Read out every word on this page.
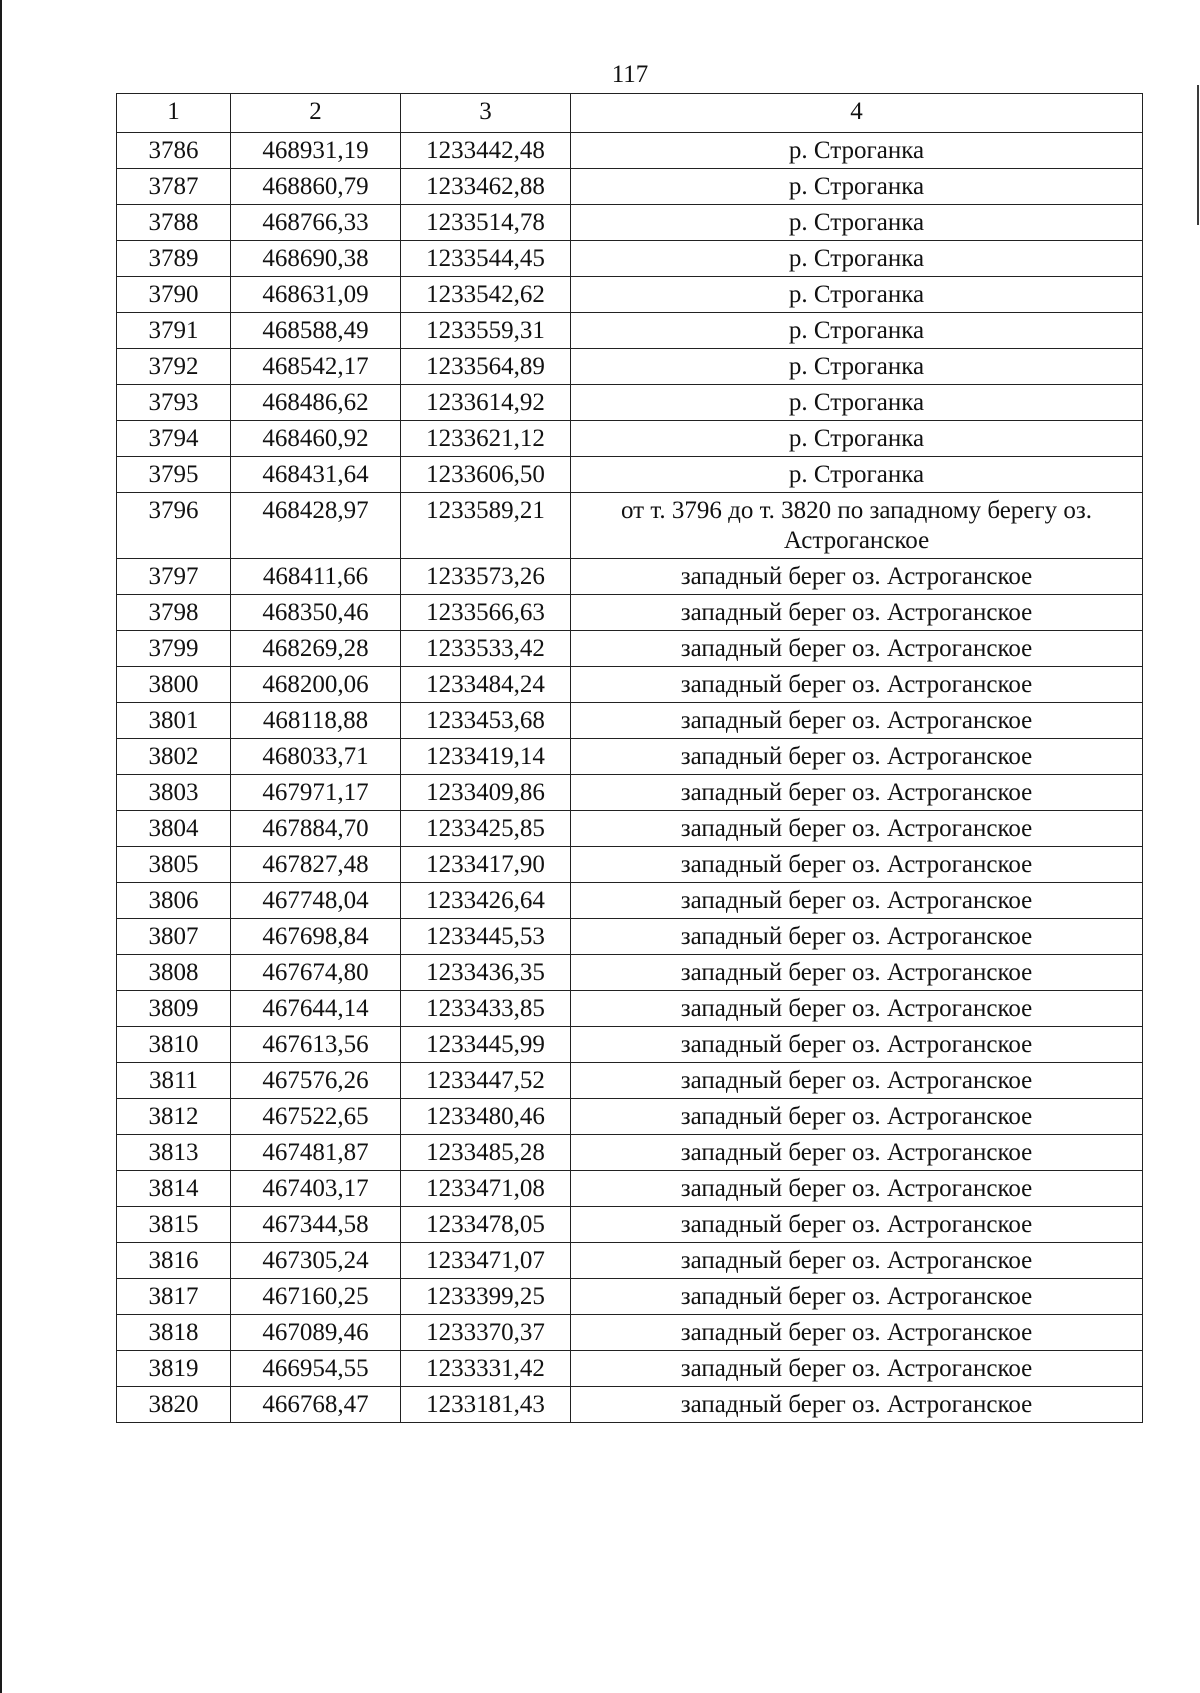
117
1	2	3	4
3786	468931,19	1233442,48	р. Строганка
3787	468860,79	1233462,88	р. Строганка
3788	468766,33	1233514,78	р. Строганка
3789	468690,38	1233544,45	р. Строганка
3790	468631,09	1233542,62	р. Строганка
3791	468588,49	1233559,31	р. Строганка
3792	468542,17	1233564,89	р. Строганка
3793	468486,62	1233614,92	р. Строганка
3794	468460,92	1233621,12	р. Строганка
3795	468431,64	1233606,50	р. Строганка
3796	468428,97	1233589,21	от т. 3796 до т. 3820 по западному берегу оз. Астроганское
3797	468411,66	1233573,26	западный берег оз. Астроганское
3798	468350,46	1233566,63	западный берег оз. Астроганское
3799	468269,28	1233533,42	западный берег оз. Астроганское
3800	468200,06	1233484,24	западный берег оз. Астроганское
3801	468118,88	1233453,68	западный берег оз. Астроганское
3802	468033,71	1233419,14	западный берег оз. Астроганское
3803	467971,17	1233409,86	западный берег оз. Астроганское
3804	467884,70	1233425,85	западный берег оз. Астроганское
3805	467827,48	1233417,90	западный берег оз. Астроганское
3806	467748,04	1233426,64	западный берег оз. Астроганское
3807	467698,84	1233445,53	западный берег оз. Астроганское
3808	467674,80	1233436,35	западный берег оз. Астроганское
3809	467644,14	1233433,85	западный берег оз. Астроганское
3810	467613,56	1233445,99	западный берег оз. Астроганское
3811	467576,26	1233447,52	западный берег оз. Астроганское
3812	467522,65	1233480,46	западный берег оз. Астроганское
3813	467481,87	1233485,28	западный берег оз. Астроганское
3814	467403,17	1233471,08	западный берег оз. Астроганское
3815	467344,58	1233478,05	западный берег оз. Астроганское
3816	467305,24	1233471,07	западный берег оз. Астроганское
3817	467160,25	1233399,25	западный берег оз. Астроганское
3818	467089,46	1233370,37	западный берег оз. Астроганское
3819	466954,55	1233331,42	западный берег оз. Астроганское
3820	466768,47	1233181,43	западный берег оз. Астроганское
